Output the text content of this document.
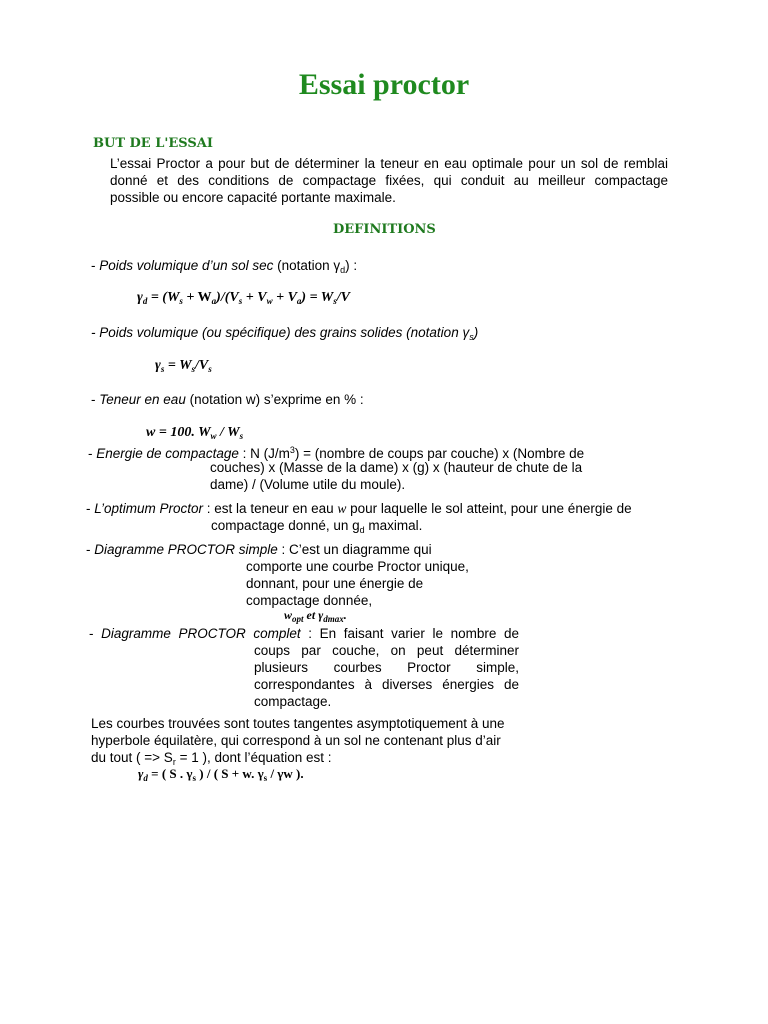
Essai proctor
BUT DE L'ESSAI
L’essai Proctor a pour but de déterminer la teneur en eau optimale pour un sol de remblai
donné et des conditions de compactage fixées, qui conduit au meilleur compactage
possible ou encore capacité portante maximale.
DEFINITIONS
- Poids volumique d’un sol sec (notation $\gamma_d$) :
$\gamma_d = (W_s + W_a)/(V_s + V_w + V_a) = W_s/V$
- Poids volumique (ou spécifique) des grains solides (notation $\gamma_s$)
$\gamma_s = W_s/V_s$
- Teneur en eau (notation w) s’exprime en % :
w = 100. $W_w / W_s$
- Energie de compactage : N $(J/m^3)$ = (nombre de coups par couche) x (Nombre de
couches) x (Masse de la dame) x (g) x (hauteur de chute de la
dame) / (Volume utile du moule).
- L’optimum Proctor : est la teneur en eau w pour laquelle le sol atteint, pour une énergie de
compactage donné, un $g_d$ maximal.
- Diagramme PROCTOR simple : C’est un diagramme qui
comporte une courbe Proctor unique,
donnant, pour une énergie de
compactage donnée,
$w_{opt}$ et $\gamma_{dmax}$.
- Diagramme PROCTOR complet : En faisant varier le nombre de
coups par couche, on peut déterminer
plusieurs courbes Proctor simple,
correspondantes à diverses énergies de
compactage.
Les courbes trouvées sont toutes tangentes asymptotiquement à une
hyperbole équilatère, qui correspond à un sol ne contenant plus d’air
du tout ( => $S_r = 1$ ), dont l’équation est :
$\gamma_d$ = ( S . $\gamma_s$ ) / ( S + w. $\gamma_s$ / γw ).
